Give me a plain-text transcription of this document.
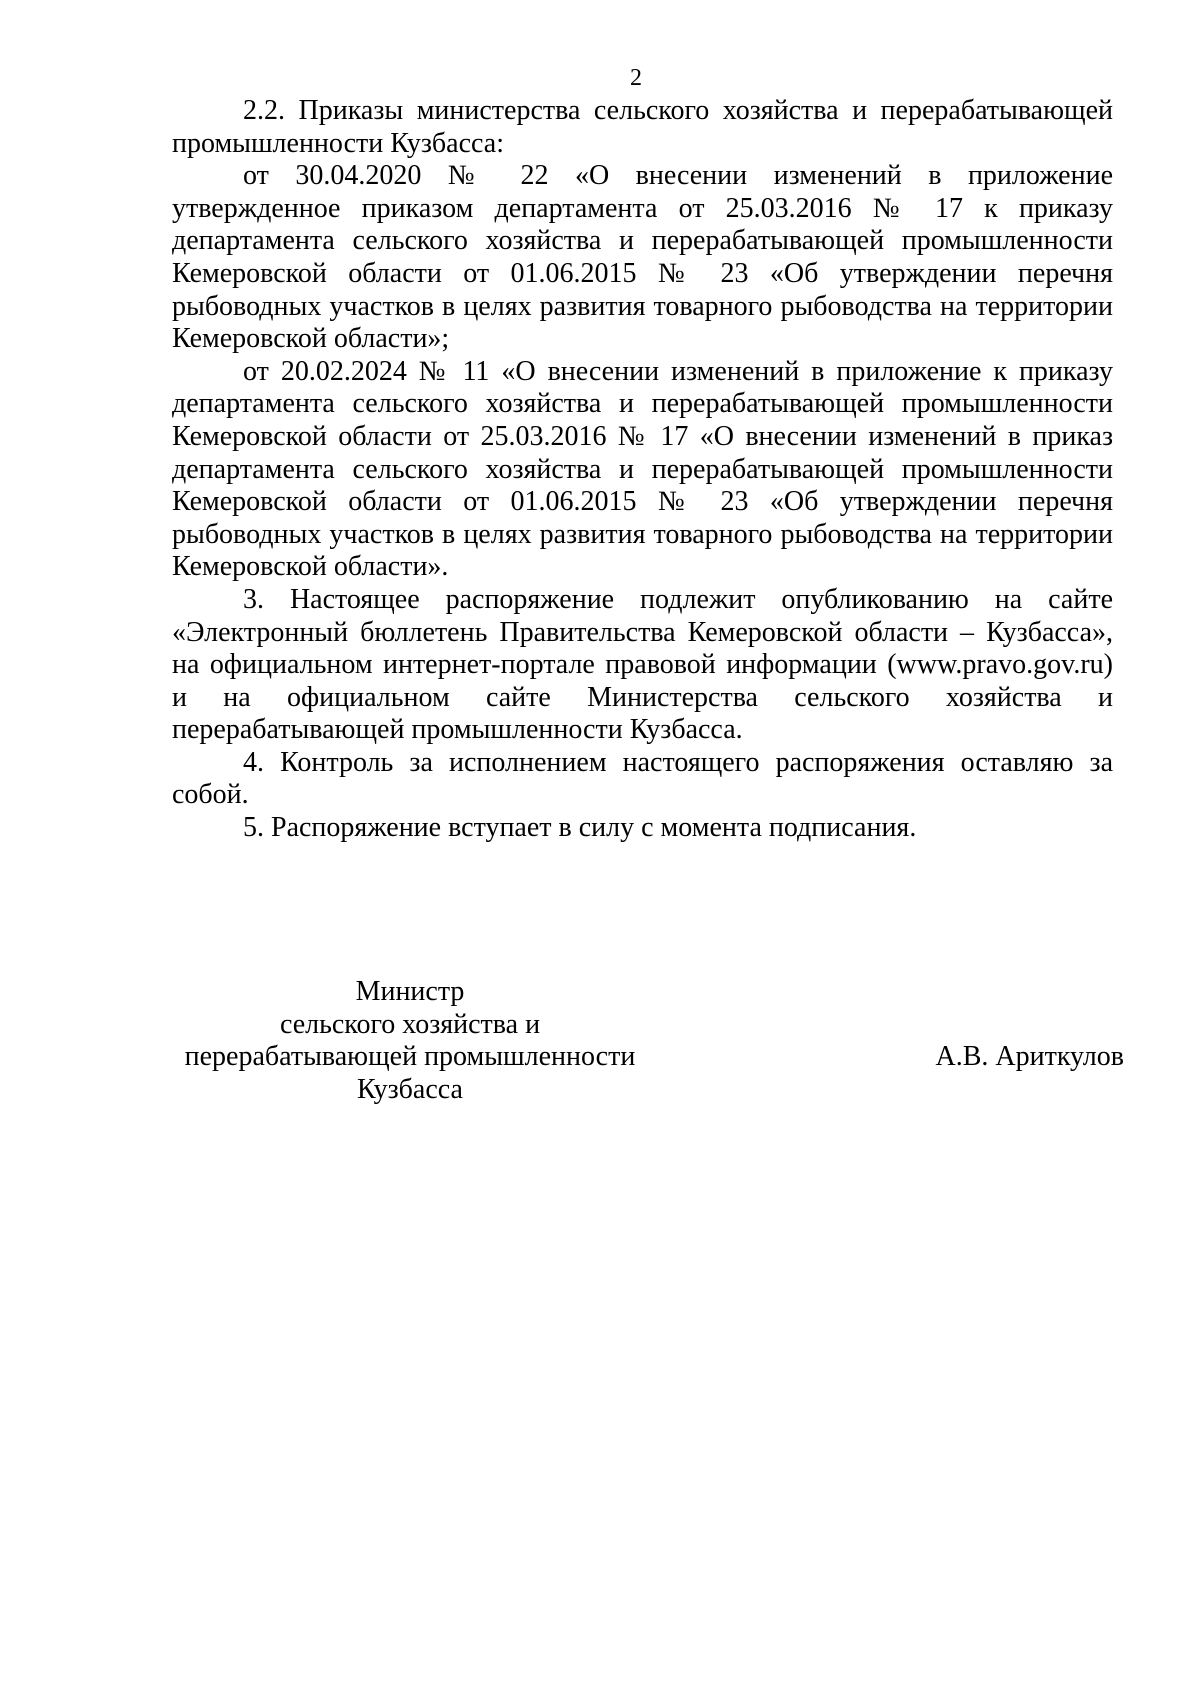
2

2.2. Приказы министерства сельского хозяйства и перерабатывающей промышленности Кузбасса:

от 30.04.2020 № 22 «О внесении изменений в приложение утвержденное приказом департамента от 25.03.2016 № 17 к приказу департамента сельского хозяйства и перерабатывающей промышленности Кемеровской области от 01.06.2015 № 23 «Об утверждении перечня рыбоводных участков в целях развития товарного рыбоводства на территории Кемеровской области»;

от 20.02.2024 № 11 «О внесении изменений в приложение к приказу департамента сельского хозяйства и перерабатывающей промышленности Кемеровской области от 25.03.2016 № 17 «О внесении изменений в приказ департамента сельского хозяйства и перерабатывающей промышленности Кемеровской области от 01.06.2015 № 23 «Об утверждении перечня рыбоводных участков в целях развития товарного рыбоводства на территории Кемеровской области».

3. Настоящее распоряжение подлежит опубликованию на сайте «Электронный бюллетень Правительства Кемеровской области – Кузбасса», на официальном интернет-портале правовой информации (www.pravo.gov.ru) и на официальном сайте Министерства сельского хозяйства и перерабатывающей промышленности Кузбасса.

4. Контроль за исполнением настоящего распоряжения оставляю за собой.

5. Распоряжение вступает в силу с момента подписания.

Министр
сельского хозяйства и
перерабатывающей промышленности
Кузбасса
А.В. Ариткулов
